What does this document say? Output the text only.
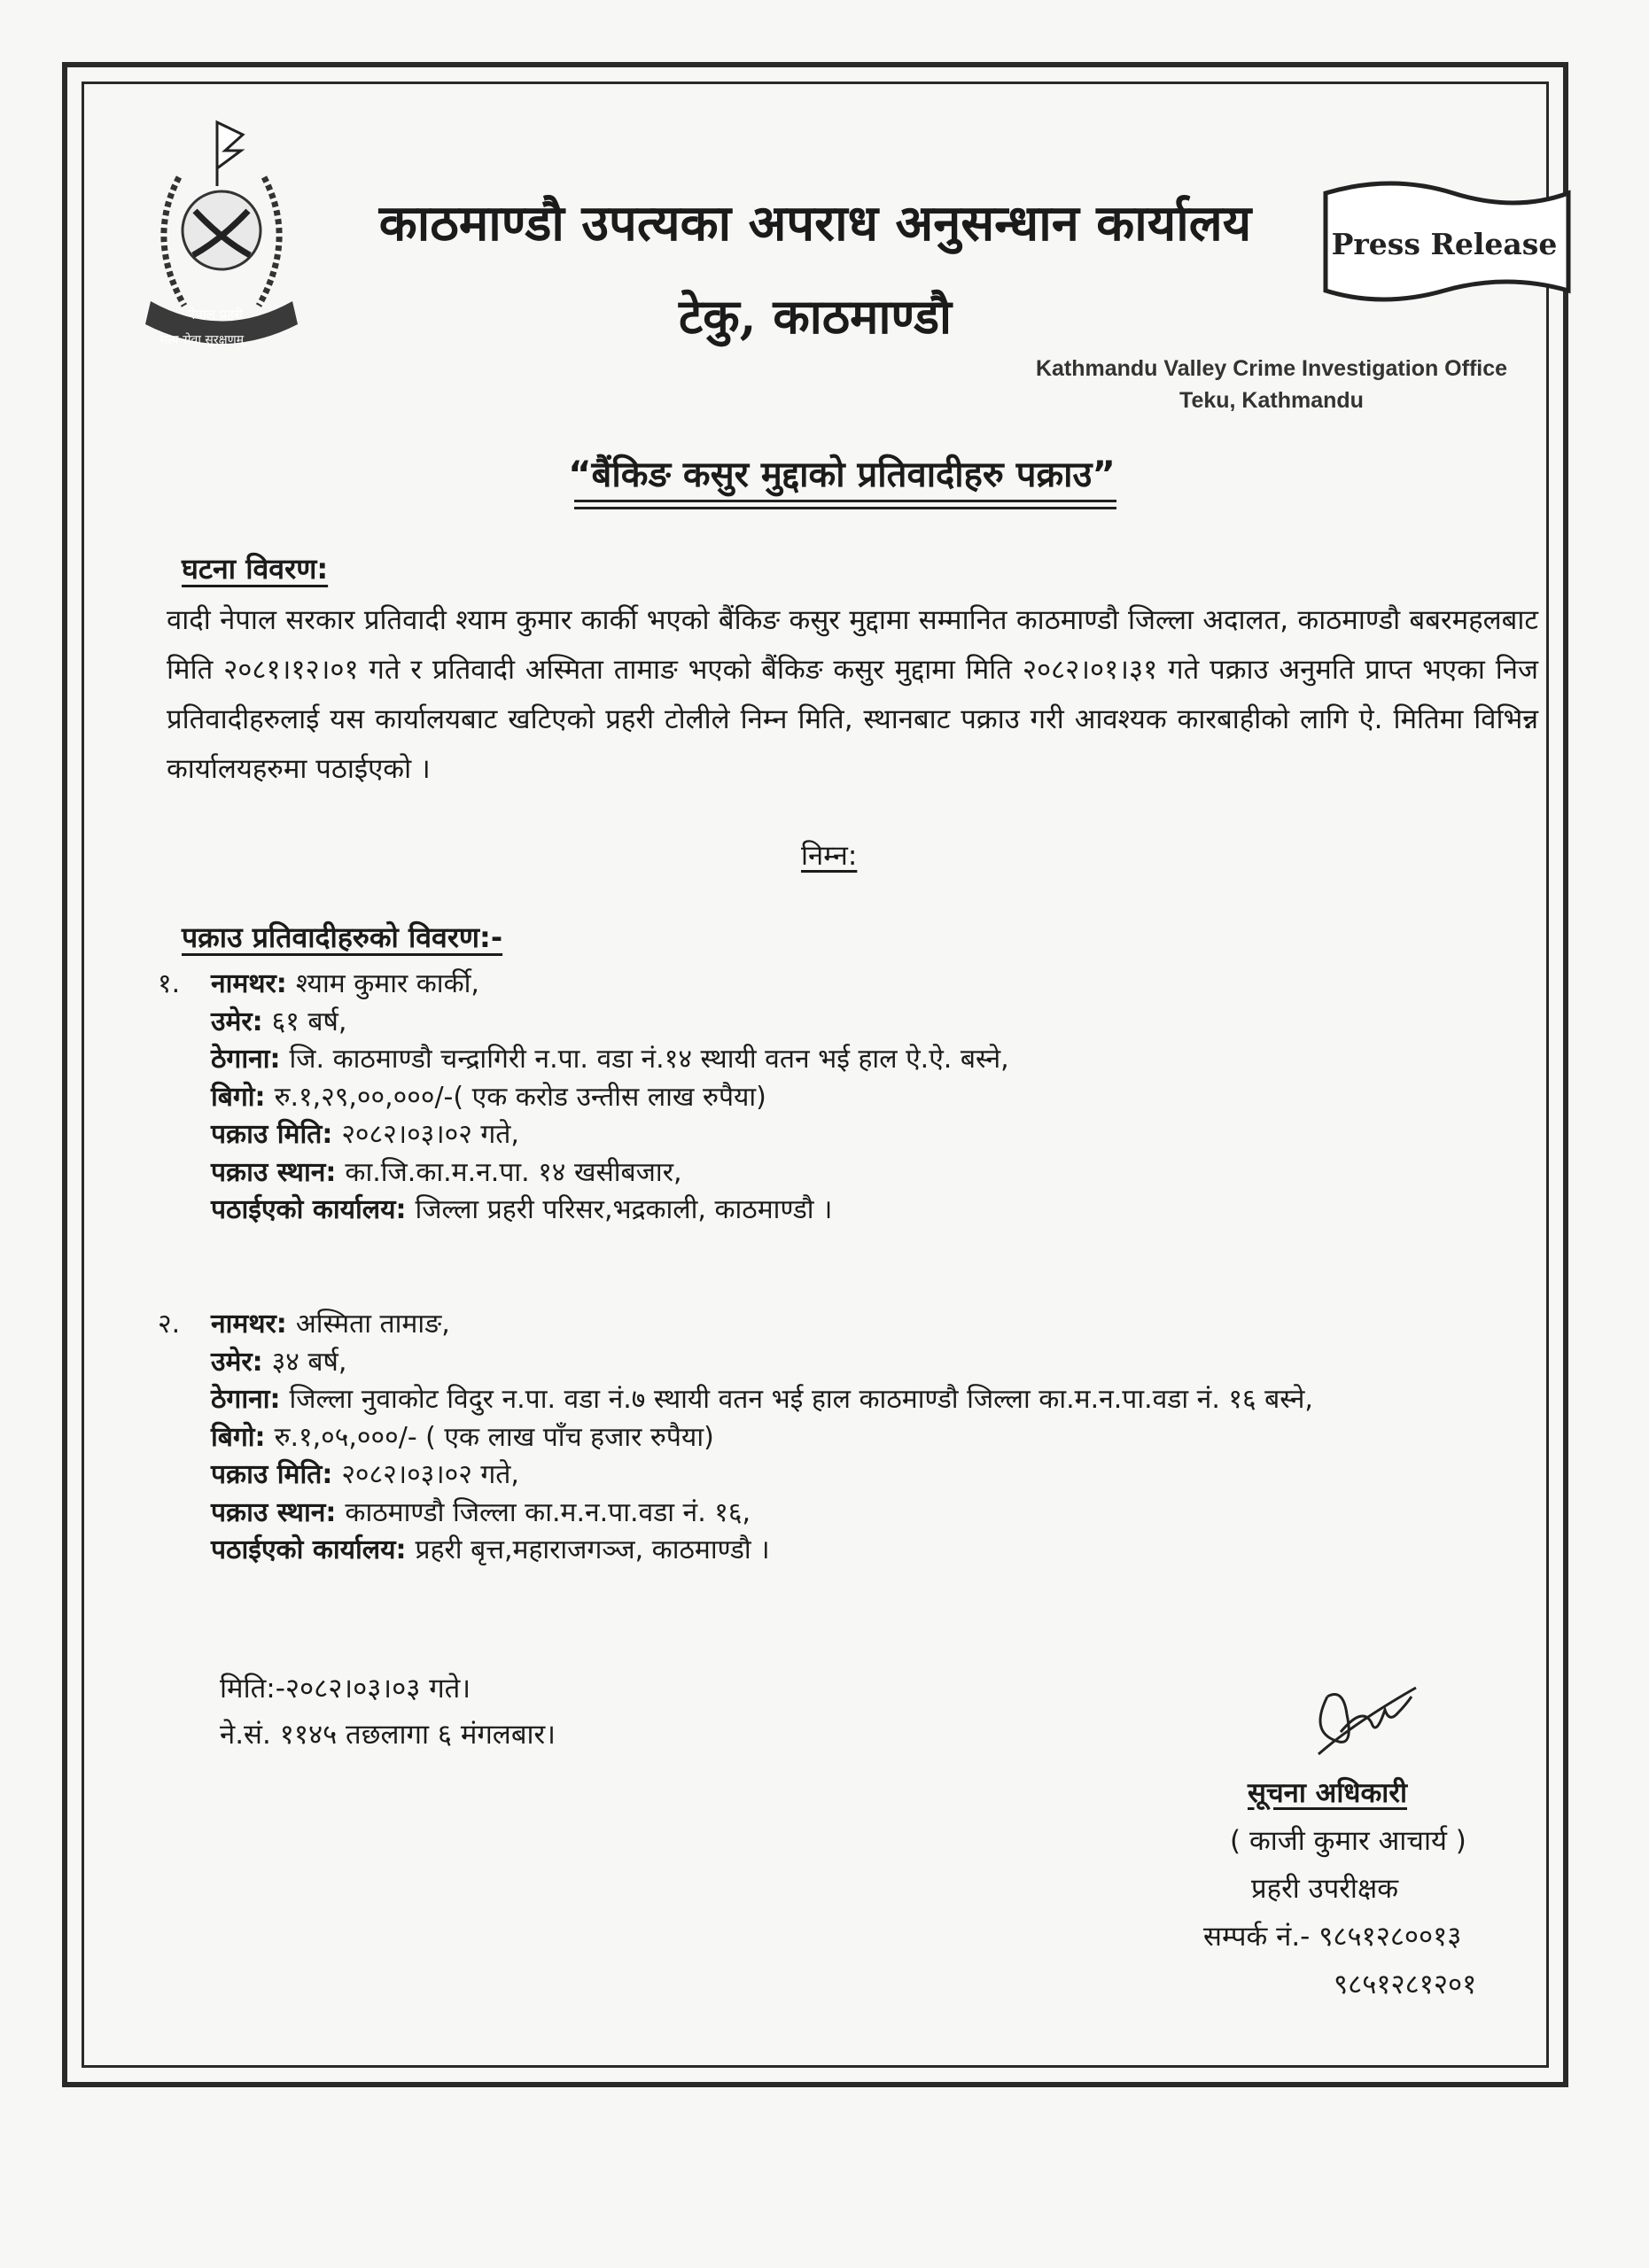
नेपाल प्रहरी
सत्य सेवा सुरक्षणम्
काठमाण्डौ उपत्यका अपराध अनुसन्धान कार्यालय
टेकु, काठमाण्डौ
Press Release
Kathmandu Valley Crime Investigation Office
Teku, Kathmandu
“बैंकिङ कसुर मुद्दाको प्रतिवादीहरु पक्राउ”
घटना विवरण:

वादी नेपाल सरकार प्रतिवादी श्याम कुमार कार्की भएको बैंकिङ कसुर मुद्दामा सम्मानित काठमाण्डौ जिल्ला अदालत, काठमाण्डौ बबरमहलबाट मिति २०८१।१२।०१ गते र प्रतिवादी अस्मिता तामाङ भएको बैंकिङ कसुर मुद्दामा मिति २०८२।०१।३१ गते पक्राउ अनुमति प्राप्त भएका निज प्रतिवादीहरुलाई यस कार्यालयबाट खटिएको प्रहरी टोलीले निम्न मिति, स्थानबाट पक्राउ गरी आवश्यक कारबाहीको लागि ऐ. मितिमा विभिन्न कार्यालयहरुमा पठाईएको ।

निम्न:
पक्राउ प्रतिवादीहरुको विवरण:-
१.	नामथर: श्याम कुमार कार्की,
उमेर: ६१ बर्ष,
ठेगाना: जि. काठमाण्डौ चन्द्रागिरी न.पा. वडा नं.१४ स्थायी वतन भई हाल ऐ.ऐ. बस्ने,
बिगो: रु.१,२९,००,०००/-( एक करोड उन्तीस लाख रुपैया)
पक्राउ मिति: २०८२।०३।०२ गते,
पक्राउ स्थान: का.जि.का.म.न.पा. १४ खसीबजार,
पठाईएको कार्यालय: जिल्ला प्रहरी परिसर,भद्रकाली, काठमाण्डौ ।
२.	नामथर: अस्मिता तामाङ,
उमेर: ३४ बर्ष,
ठेगाना: जिल्ला नुवाकोट विदुर न.पा. वडा नं.७ स्थायी वतन भई हाल काठमाण्डौ जिल्ला का.म.न.पा.वडा नं. १६ बस्ने,
बिगो: रु.१,०५,०००/- ( एक लाख पाँच हजार रुपैया)
पक्राउ मिति: २०८२।०३।०२ गते,
पक्राउ स्थान: काठमाण्डौ जिल्ला का.म.न.पा.वडा नं. १६,
पठाईएको कार्यालय: प्रहरी बृत्त,महाराजगञ्ज, काठमाण्डौ ।
मिति:-२०८२।०३।०३ गते।
ने.सं. ११४५ तछलागा ६ मंगलबार।
सूचना अधिकारी
( काजी कुमार आचार्य )
प्रहरी उपरीक्षक
सम्पर्क नं.- ९८५१२८००१३
९८५१२८१२०१
